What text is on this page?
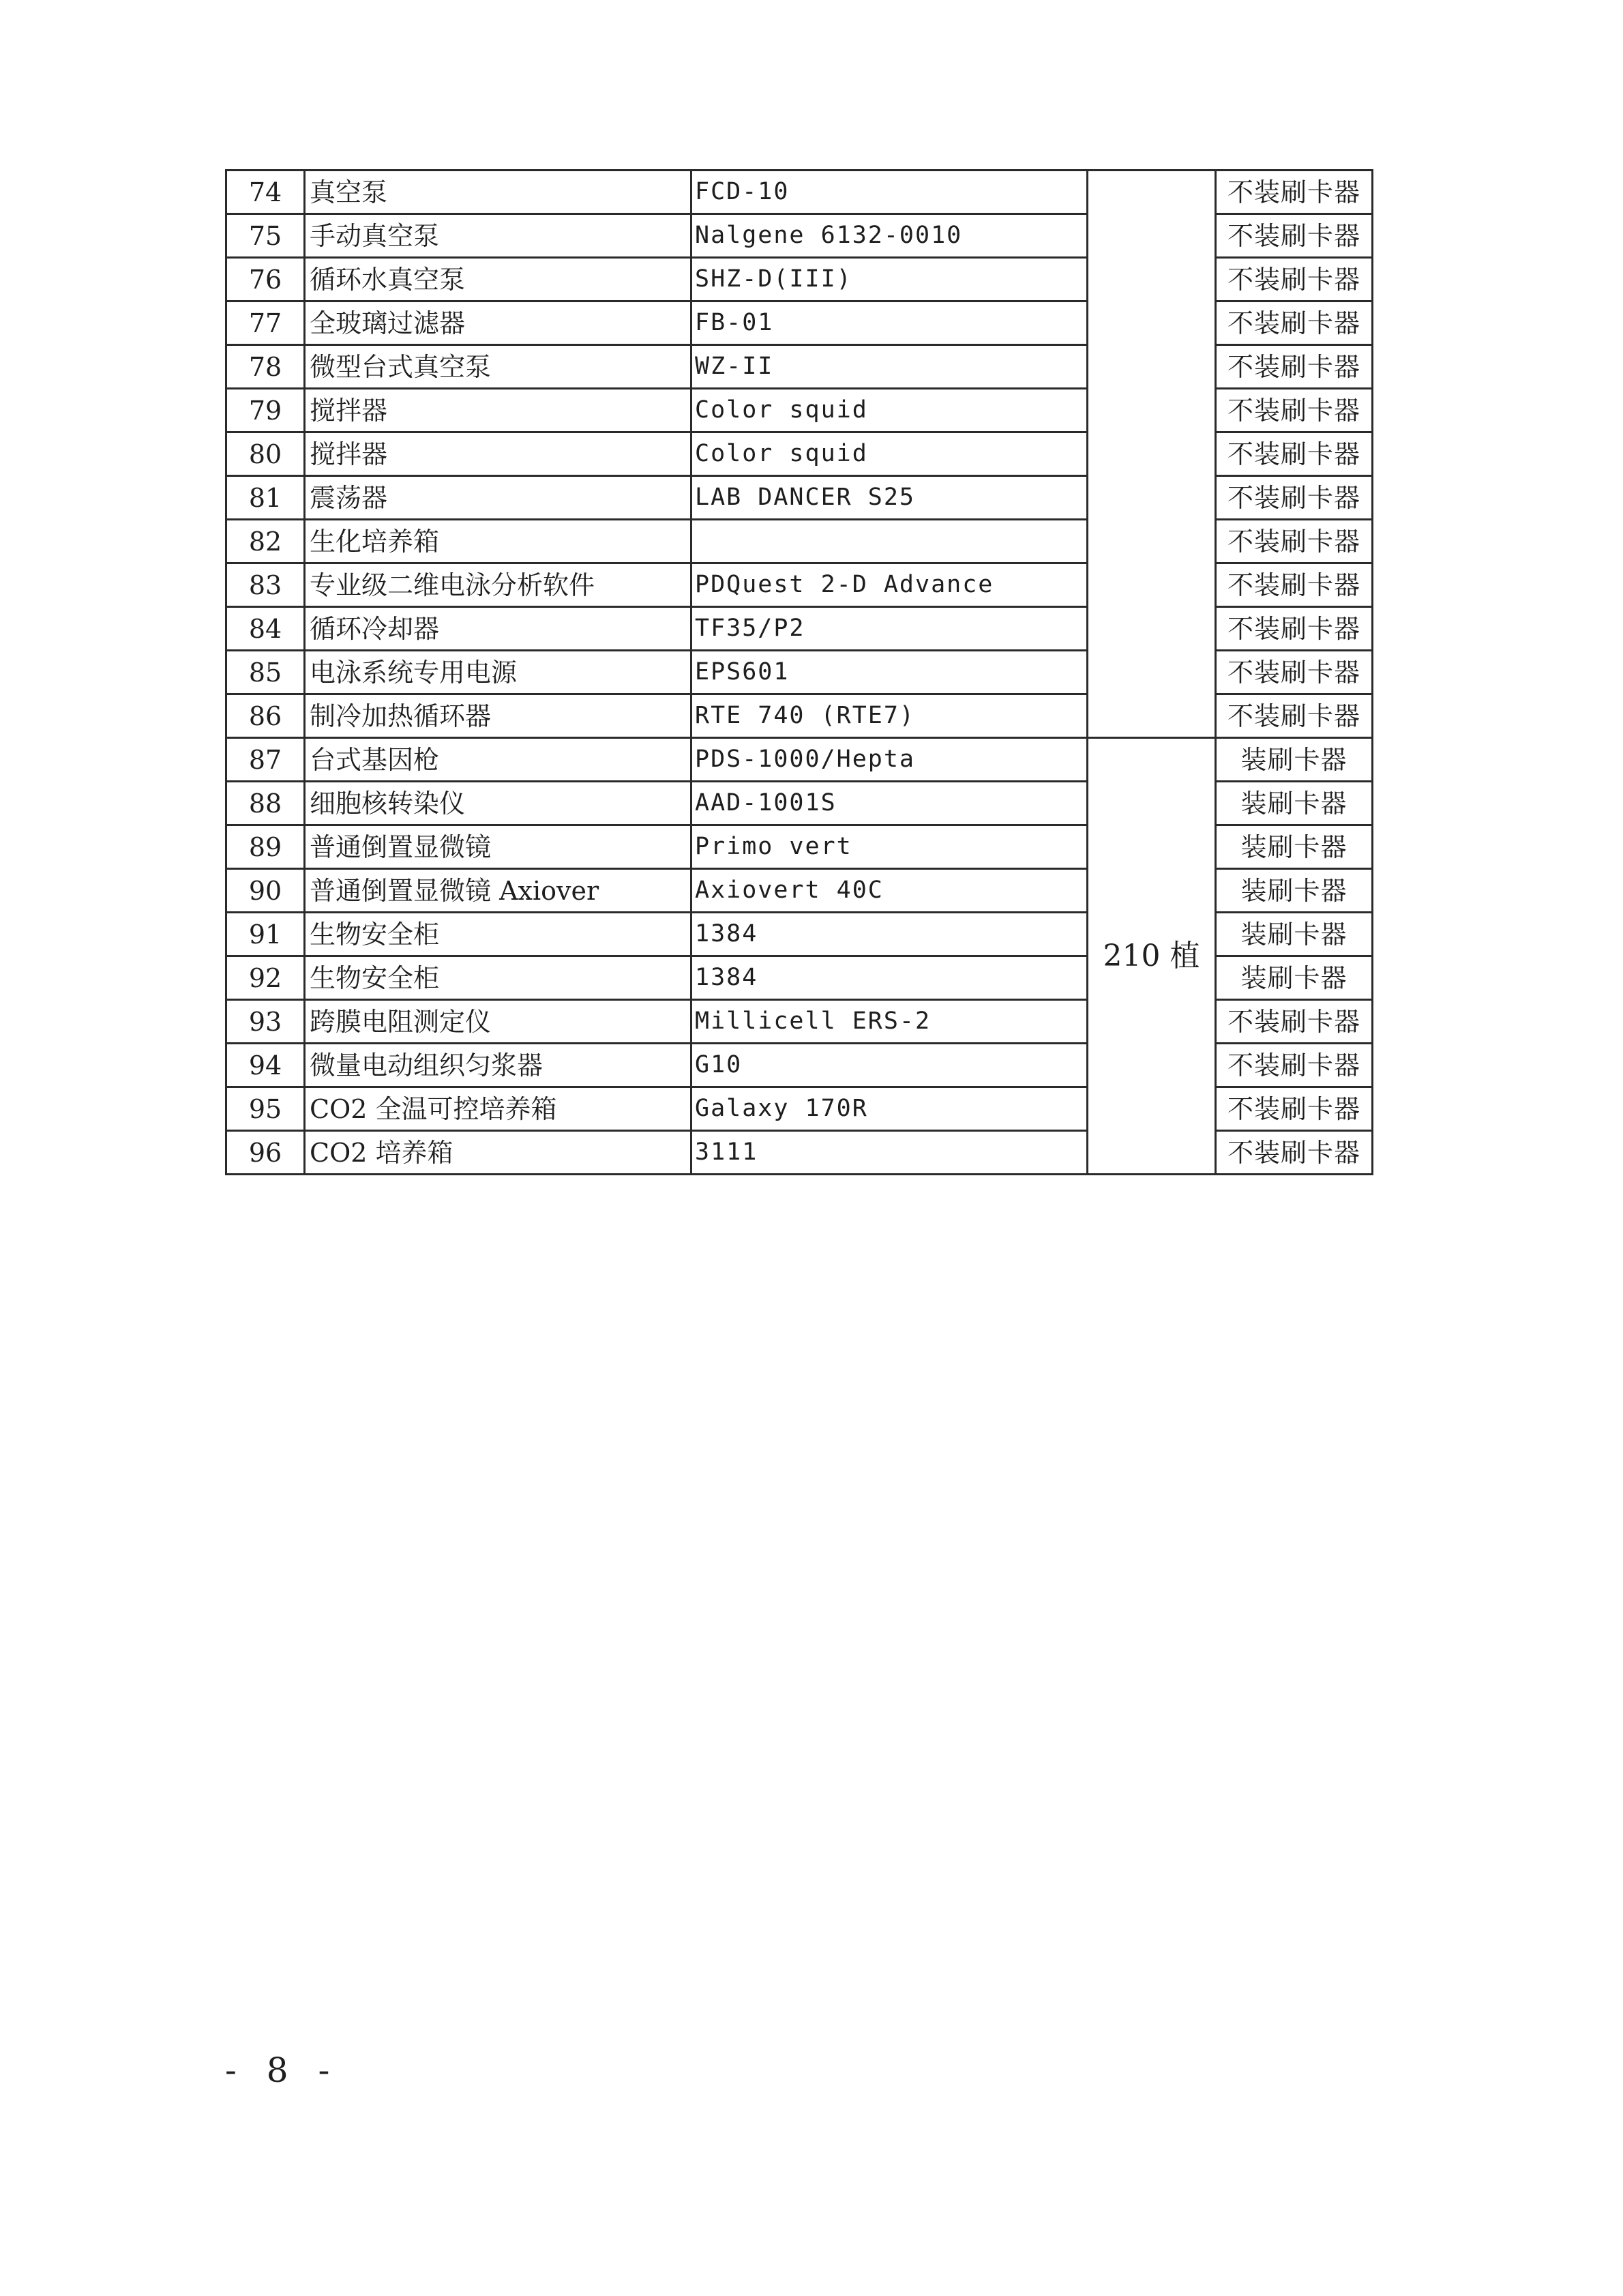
74	真空泵	FCD-10		不装刷卡器
75	手动真空泵	Nalgene 6132-0010		不装刷卡器
76	循环水真空泵	SHZ-D(III)		不装刷卡器
77	全玻璃过滤器	FB-01		不装刷卡器
78	微型台式真空泵	WZ-II		不装刷卡器
79	搅拌器	Color squid		不装刷卡器
80	搅拌器	Color squid		不装刷卡器
81	震荡器	LAB DANCER S25		不装刷卡器
82	生化培养箱			不装刷卡器
83	专业级二维电泳分析软件	PDQuest 2-D Advance		不装刷卡器
84	循环冷却器	TF35/P2		不装刷卡器
85	电泳系统专用电源	EPS601		不装刷卡器
86	制冷加热循环器	RTE 740 (RTE7)		不装刷卡器
87	台式基因枪	PDS-1000/Hepta	210 植	装刷卡器
88	细胞核转染仪	AAD-1001S		装刷卡器
89	普通倒置显微镜	Primo vert		装刷卡器
90	普通倒置显微镜 Axiover	Axiovert 40C		装刷卡器
91	生物安全柜	1384		装刷卡器
92	生物安全柜	1384		装刷卡器
93	跨膜电阻测定仪	Millicell ERS-2		不装刷卡器
94	微量电动组织匀浆器	G10		不装刷卡器
95	CO2 全温可控培养箱	Galaxy 170R		不装刷卡器
96	CO2 培养箱	3111		不装刷卡器
- 8 -
